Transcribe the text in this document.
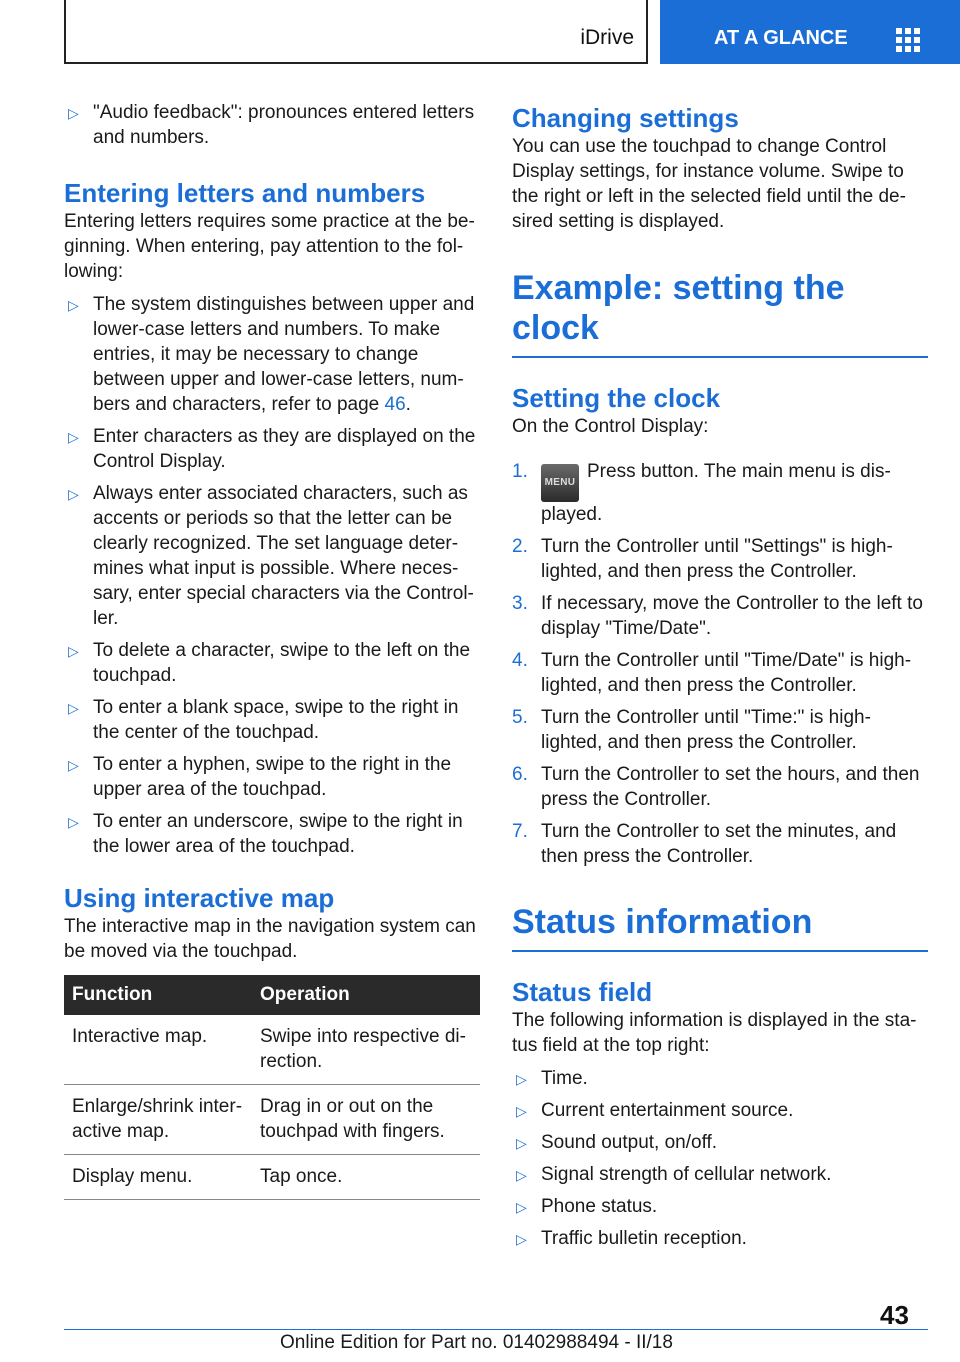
iDrive	AT A GLANCE
▷ "Audio feedback": pronounces entered letters and numbers.
Entering letters and numbers

Entering letters requires some practice at the be-ginning. When entering, pay attention to the fol-lowing:

▷ The system distinguishes between upper and lower-case letters and numbers. To make entries, it may be necessary to change between upper and lower-case letters, num-bers and characters, refer to page 46.
▷ Enter characters as they are displayed on the Control Display.
▷ Always enter associated characters, such as accents or periods so that the letter can be clearly recognized. The set language deter-mines what input is possible. Where neces-sary, enter special characters via the Control-ler.
▷ To delete a character, swipe to the left on the touchpad.
▷ To enter a blank space, swipe to the right in the center of the touchpad.
▷ To enter a hyphen, swipe to the right in the upper area of the touchpad.
▷ To enter an underscore, swipe to the right in the lower area of the touchpad.
Using interactive map

The interactive map in the navigation system can be moved via the touchpad.

Function	Operation
Interactive map.	Swipe into respective di-rection.
Enlarge/shrink inter-active map.	Drag in or out on the touchpad with fingers.
Display menu.	Tap once.
Changing settings

You can use the touchpad to change Control Display settings, for instance volume. Swipe to the right or left in the selected field until the de-sired setting is displayed.

Example: setting the clock
Setting the clock

On the Control Display:

1.
MENUPress button. The main menu is dis-played.
2. Turn the Controller until "Settings" is high-lighted, and then press the Controller.
3. If necessary, move the Controller to the left to display "Time/Date".
4. Turn the Controller until "Time/Date" is high-lighted, and then press the Controller.
5. Turn the Controller until "Time:" is high-lighted, and then press the Controller.
6. Turn the Controller to set the hours, and then press the Controller.
7. Turn the Controller to set the minutes, and then press the Controller.
Status information
Status field

The following information is displayed in the sta-tus field at the top right:

▷ Time.
▷ Current entertainment source.
▷ Sound output, on/off.
▷ Signal strength of cellular network.
▷ Phone status.
▷ Traffic bulletin reception.
43
Online Edition for Part no. 01402988494 - II/18
